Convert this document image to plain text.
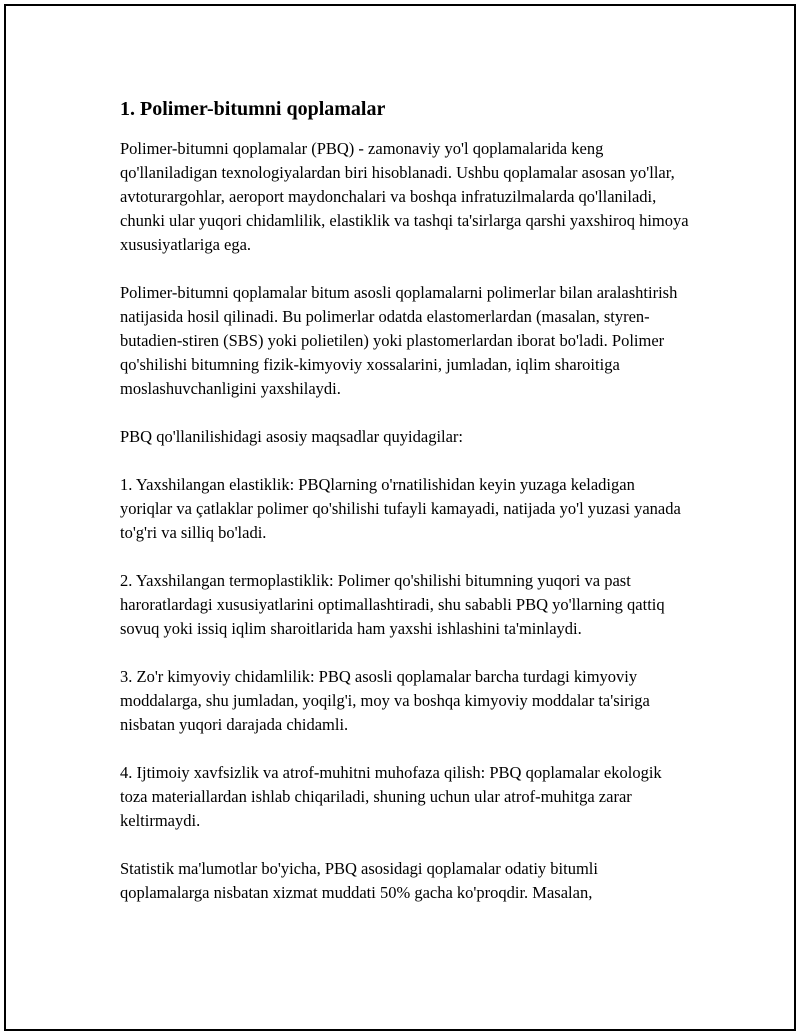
1. Polimer-bitumni qoplamalar

Polimer-bitumni qoplamalar (PBQ) - zamonaviy yo'l qoplamalarida keng qo'llaniladigan texnologiyalardan biri hisoblanadi. Ushbu qoplamalar asosan yo'llar, avtoturargohlar, aeroport maydonchalari va boshqa infratuzilmalarda qo'llaniladi, chunki ular yuqori chidamlilik, elastiklik va tashqi ta'sirlarga qarshi yaxshiroq himoya xususiyatlariga ega.

Polimer-bitumni qoplamalar bitum asosli qoplamalarni polimerlar bilan aralashtirish natijasida hosil qilinadi. Bu polimerlar odatda elastomerlardan (masalan, styren-butadien-stiren (SBS) yoki polietilen) yoki plastomerlardan iborat bo'ladi. Polimer qo'shilishi bitumning fizik-kimyoviy xossalarini, jumladan, iqlim sharoitiga moslashuvchanligini yaxshilaydi.

PBQ qo'llanilishidagi asosiy maqsadlar quyidagilar:

1. Yaxshilangan elastiklik: PBQlarning o'rnatilishidan keyin yuzaga keladigan yoriqlar va çatlaklar polimer qo'shilishi tufayli kamayadi, natijada yo'l yuzasi yanada to'g'ri va silliq bo'ladi.

2. Yaxshilangan termoplastiklik: Polimer qo'shilishi bitumning yuqori va past haroratlardagi xususiyatlarini optimallashtiradi, shu sababli PBQ yo'llarning qattiq sovuq yoki issiq iqlim sharoitlarida ham yaxshi ishlashini ta'minlaydi.

3. Zo'r kimyoviy chidamlilik: PBQ asosli qoplamalar barcha turdagi kimyoviy moddalarga, shu jumladan, yoqilg'i, moy va boshqa kimyoviy moddalar ta'siriga nisbatan yuqori darajada chidamli.

4. Ijtimoiy xavfsizlik va atrof-muhitni muhofaza qilish: PBQ qoplamalar ekologik toza materiallardan ishlab chiqariladi, shuning uchun ular atrof-muhitga zarar keltirmaydi.

Statistik ma'lumotlar bo'yicha, PBQ asosidagi qoplamalar odatiy bitumli qoplamalarga nisbatan xizmat muddati 50% gacha ko'proqdir. Masalan,
